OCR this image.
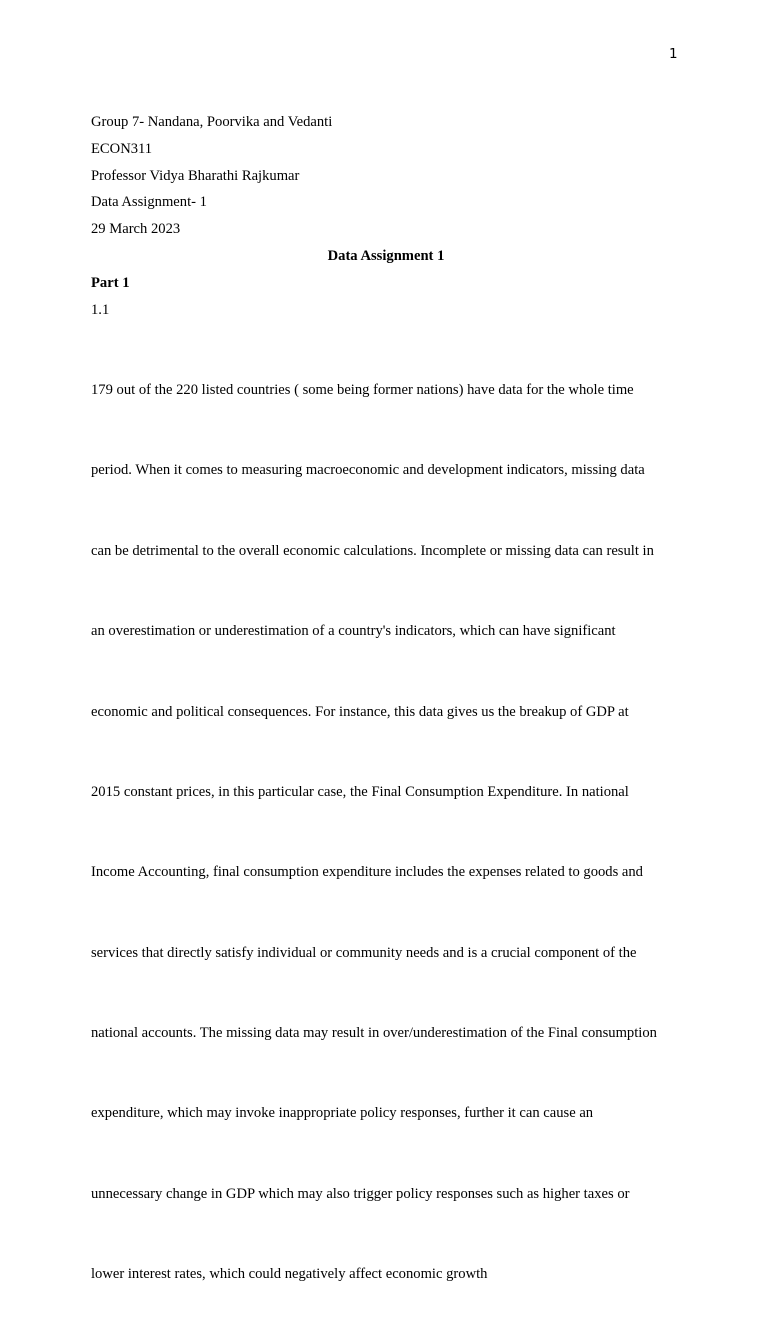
1
Group 7- Nandana, Poorvika and Vedanti
ECON311
Professor Vidya Bharathi Rajkumar
Data Assignment- 1
29 March 2023
Data Assignment 1
Part 1
1.1

179 out of the 220 listed countries ( some being former nations) have data for the whole time

period. When it comes to measuring macroeconomic and development indicators, missing data

can be detrimental to the overall economic calculations. Incomplete or missing data can result in

an overestimation or underestimation of a country's indicators, which can have significant

economic and political consequences. For instance, this data gives us the breakup of GDP at

2015 constant prices, in this particular case, the Final Consumption Expenditure. In national

Income Accounting, final consumption expenditure includes the expenses related to goods and

services that directly satisfy individual or community needs and is a crucial component of the

national accounts. The missing data may result in over/underestimation of the Final consumption

expenditure, which may invoke inappropriate policy responses, further it can cause an

unnecessary change in GDP which may also trigger policy responses such as higher taxes or

lower interest rates, which could negatively affect economic growth
